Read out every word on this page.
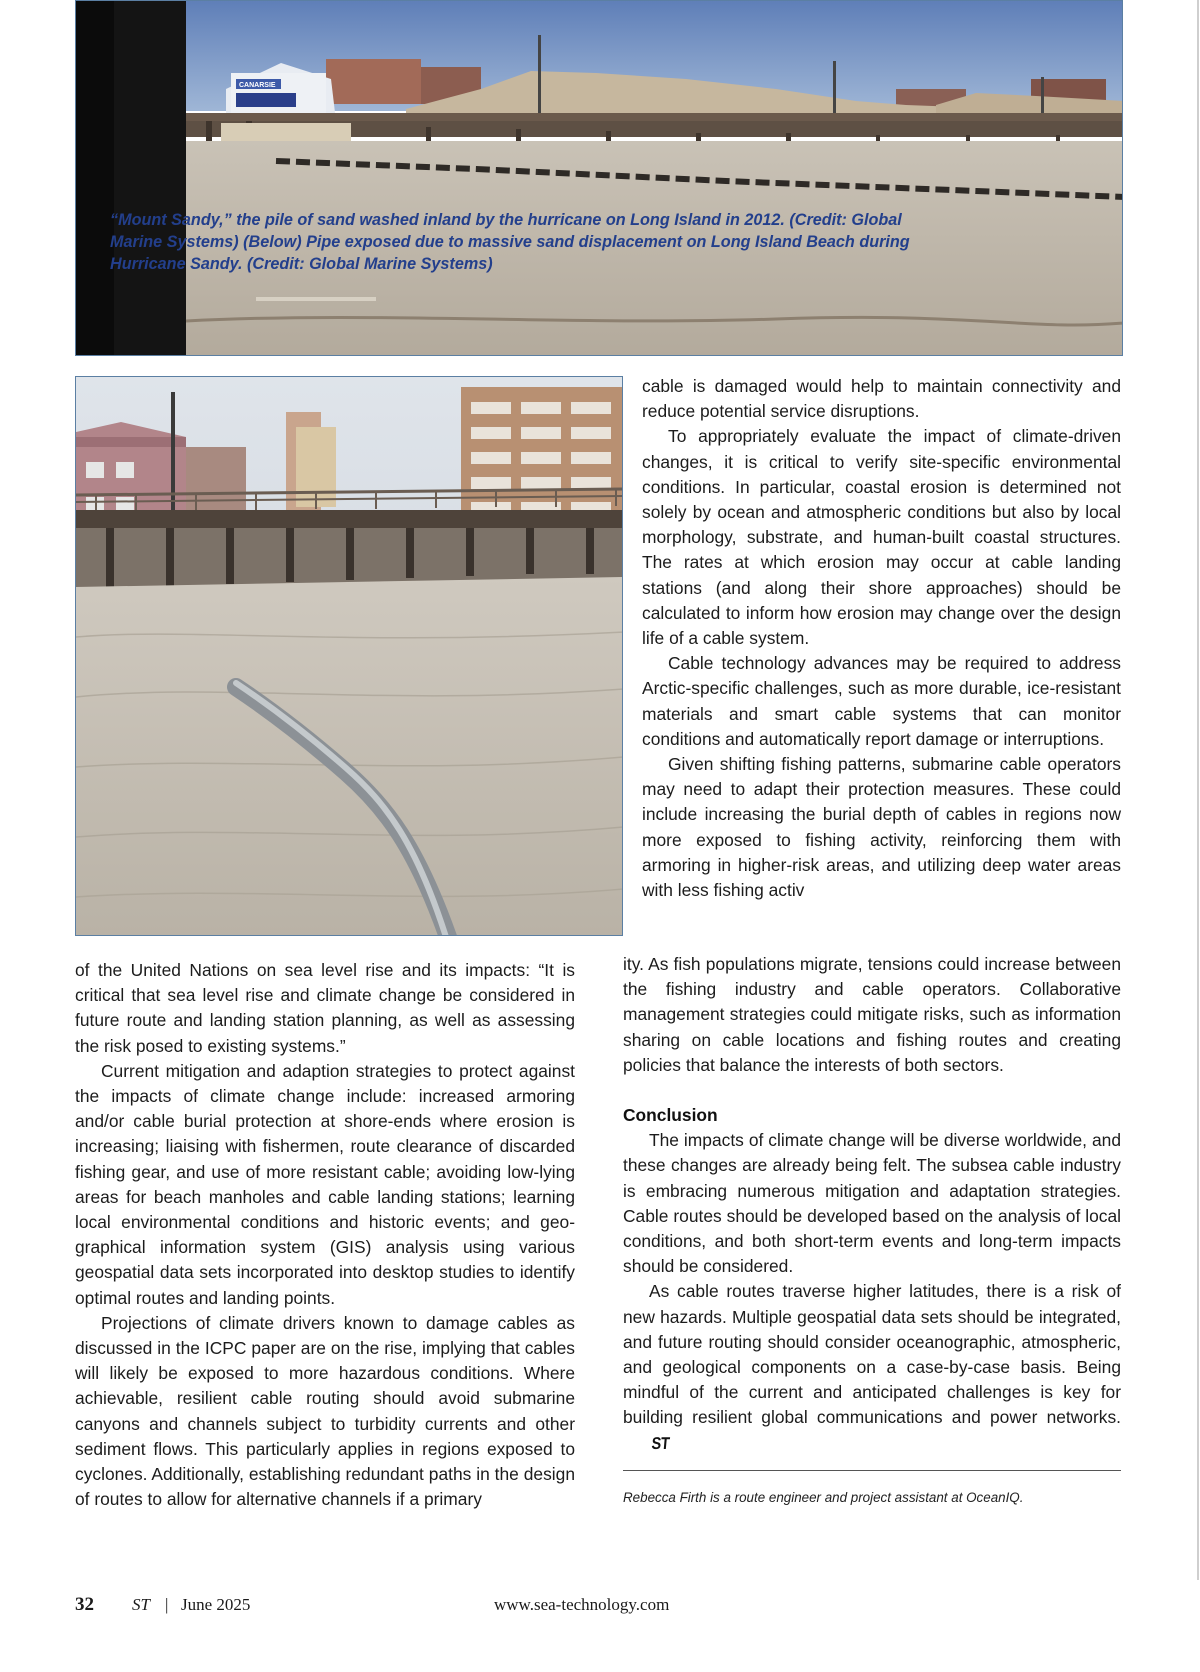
CANARSIE
“Mount Sandy,” the pile of sand washed inland by the hurricane on Long Island in 2012. (Credit: Global Marine Systems) (Below) Pipe exposed due to massive sand displacement on Long Island Beach during Hurricane Sandy. (Credit: Global Marine Systems)

of the United Nations on sea level rise and its impacts: “It is critical that sea level rise and climate change be considered in future route and landing station planning, as well as assessing the risk posed to existing systems.”

Current mitigation and adaption strategies to protect against the impacts of climate change include: increased armoring and/or cable burial protection at shore-ends where erosion is increasing; liaising with fishermen, route clearance of discarded fishing gear, and use of more resistant cable; avoiding low-lying areas for beach manholes and cable landing stations; learning local environmental conditions and historic events; and geographical information system (GIS) analysis using various geospatial data sets incorporated into desktop studies to identify optimal routes and landing points.

Projections of climate drivers known to damage cables as discussed in the ICPC paper are on the rise, implying that cables will likely be exposed to more hazardous conditions. Where achievable, resilient cable routing should avoid submarine canyons and channels subject to turbidity currents and other sediment flows. This particularly applies in regions exposed to cyclones. Additionally, establishing redundant paths in the design of routes to allow for alternative channels if a primary

cable is damaged would help to maintain connectivity and reduce potential service disruptions.

To appropriately evaluate the impact of climate-driven changes, it is critical to verify site-specific environmental conditions. In particular, coastal erosion is determined not solely by ocean and atmospheric conditions but also by local morphology, substrate, and human-built coastal structures. The rates at which erosion may occur at cable landing stations (and along their shore approaches) should be calculated to inform how erosion may change over the design life of a cable system.

Cable technology advances may be required to address Arctic-specific challenges, such as more durable, ice-resistant materials and smart cable systems that can monitor conditions and automatically report damage or interruptions.

Given shifting fishing patterns, submarine cable operators may need to adapt their protection measures. These could include increasing the burial depth of cables in regions now more exposed to fishing activity, reinforcing them with armoring in higher-risk areas, and utilizing deep water areas with less fishing activ

ity. As fish populations migrate, tensions could increase between the fishing industry and cable operators. Collaborative management strategies could mitigate risks, such as information sharing on cable locations and fishing routes and creating policies that balance the interests of both sectors.

Conclusion

The impacts of climate change will be diverse worldwide, and these changes are already being felt. The subsea cable industry is embracing numerous mitigation and adaptation strategies. Cable routes should be developed based on the analysis of local conditions, and both short-term events and long-term impacts should be considered.

As cable routes traverse higher latitudes, there is a risk of new hazards. Multiple geospatial data sets should be integrated, and future routing should consider oceanographic, atmospheric, and geological components on a case-by-case basis. Being mindful of the current and anticipated challenges is key for building resilient global communications and power networks. ST

Rebecca Firth is a route engineer and project assistant at OceanIQ.

32 ST | June 2025	www.sea-technology.com
